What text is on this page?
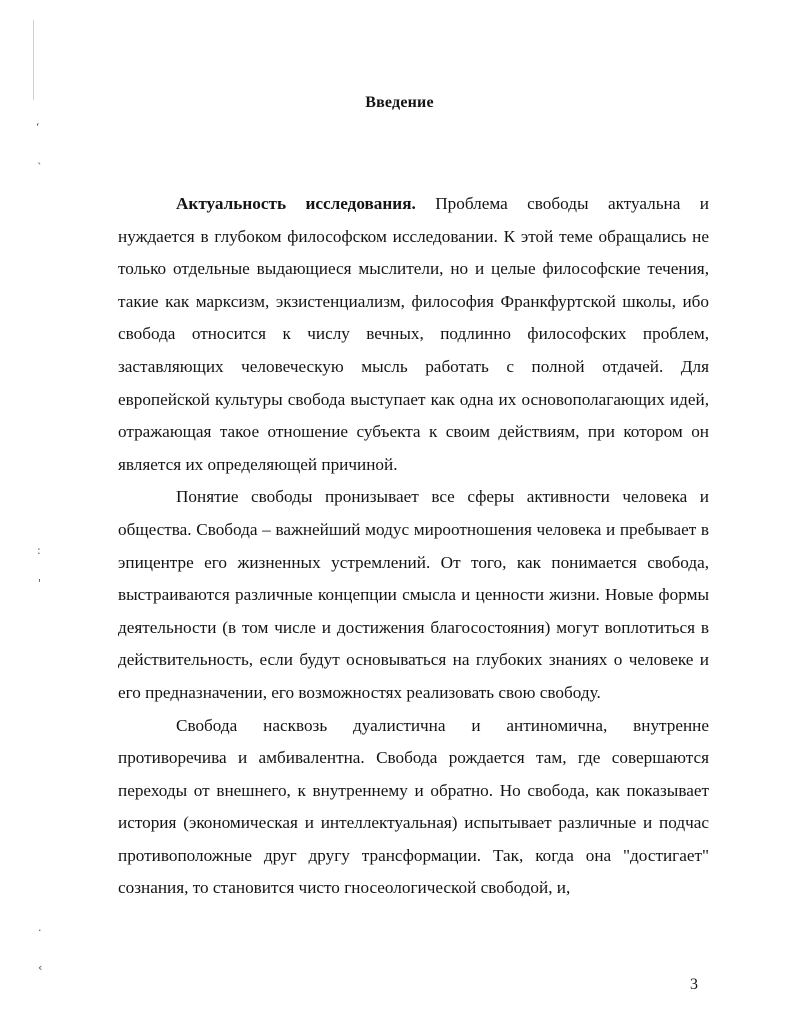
‘
`
:
'
·
‹
Введение

Актуальность исследования. Проблема свободы актуальна и нуждается в глубоком философском исследовании. К этой теме обращались не только отдельные выдающиеся мыслители, но и целые философские течения, такие как марксизм, экзистенциализм, философия Франкфуртской школы, ибо свобода относится к числу вечных, подлинно философских проблем, заставляющих человеческую мысль работать с полной отдачей. Для европейской культуры свобода выступает как одна их основополагающих идей, отражающая такое отношение субъекта к своим действиям, при котором он является их определяющей причиной.

Понятие свободы пронизывает все сферы активности человека и общества. Свобода – важнейший модус мироотношения человека и пребывает в эпицентре его жизненных устремлений. От того, как понимается свобода, выстраиваются различные концепции смысла и ценности жизни. Новые формы деятельности (в том числе и достижения благосостояния) могут воплотиться в действительность, если будут основываться на глубоких знаниях о человеке и его предназначении, его возможностях реализовать свою свободу.

Свобода насквозь дуалистична и антиномична, внутренне противоречива и амбивалентна. Свобода рождается там, где совершаются переходы от внешнего, к внутреннему и обратно. Но свобода, как показывает история (экономическая и интеллектуальная) испытывает различные и подчас противоположные друг другу трансформации. Так, когда она "достигает" сознания, то становится чисто гносеологической свободой, и,

3
